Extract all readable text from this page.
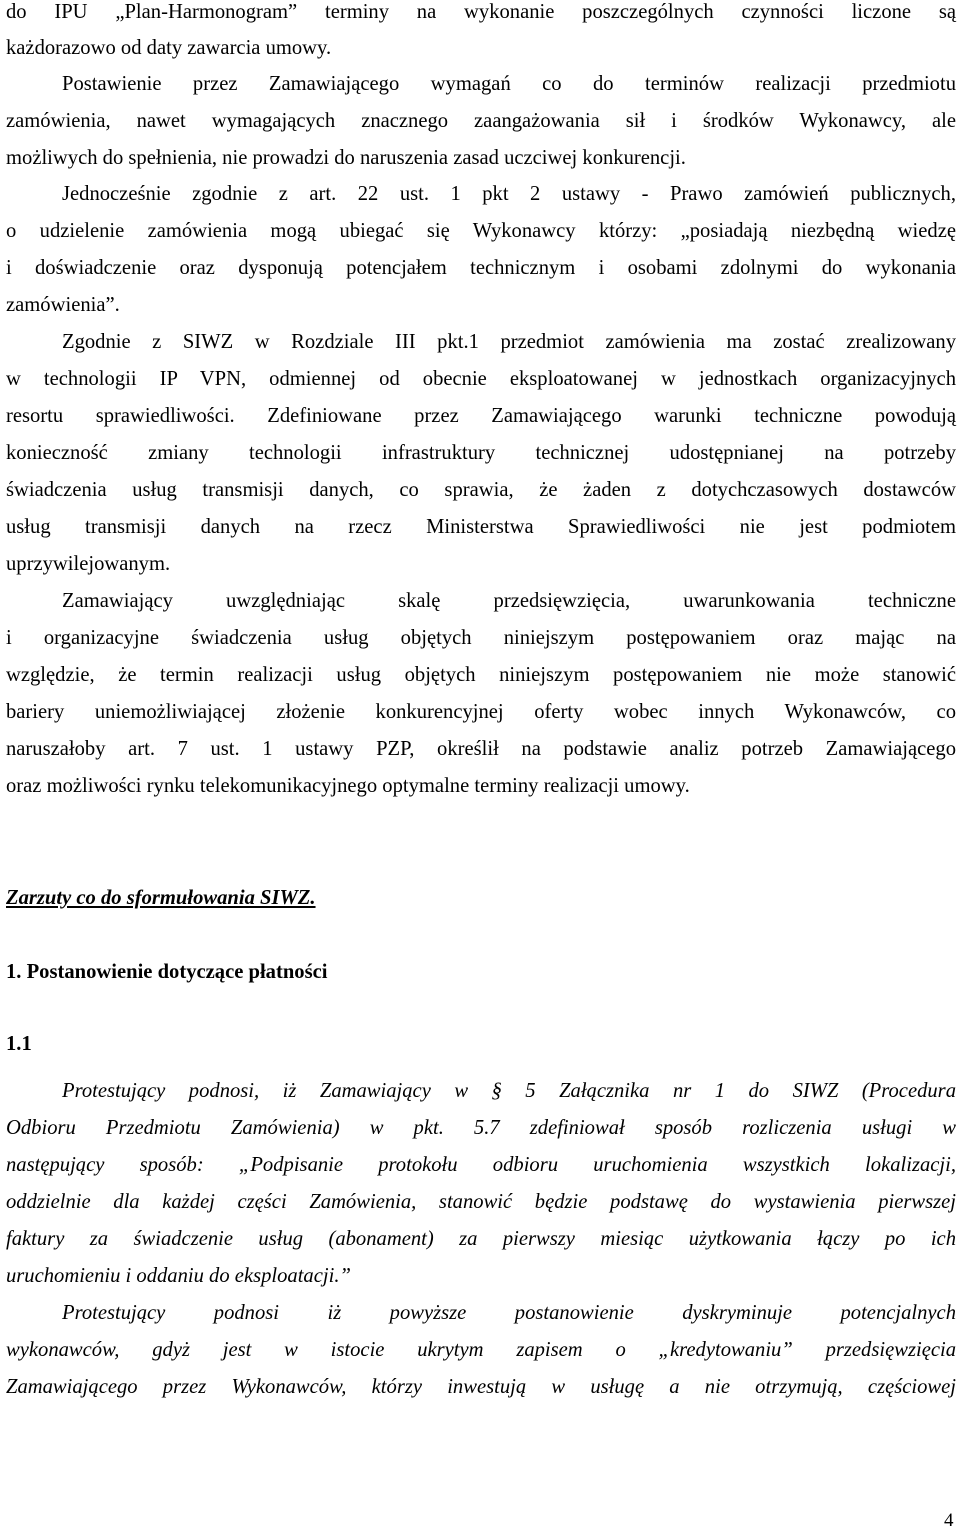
do IPU „Plan-Harmonogram” terminy na wykonanie poszczególnych czynności liczone są
każdorazowo od daty zawarcia umowy.
Postawienie przez Zamawiającego wymagań co do terminów realizacji przedmiotu
zamówienia, nawet wymagających znacznego zaangażowania sił i środków Wykonawcy, ale
możliwych do spełnienia, nie prowadzi do naruszenia zasad uczciwej konkurencji.
Jednocześnie zgodnie z art. 22 ust. 1 pkt 2 ustawy - Prawo zamówień publicznych,
o udzielenie zamówienia mogą ubiegać się Wykonawcy którzy: „posiadają niezbędną wiedzę
i doświadczenie oraz dysponują potencjałem technicznym i osobami zdolnymi do wykonania
zamówienia”.
Zgodnie z SIWZ w Rozdziale III pkt.1 przedmiot zamówienia ma zostać zrealizowany
w technologii IP VPN, odmiennej od obecnie eksploatowanej w jednostkach organizacyjnych
resortu sprawiedliwości. Zdefiniowane przez Zamawiającego warunki techniczne powodują
konieczność zmiany technologii infrastruktury technicznej udostępnianej na potrzeby
świadczenia usług transmisji danych, co sprawia, że żaden z dotychczasowych dostawców
usług transmisji danych na rzecz Ministerstwa Sprawiedliwości nie jest podmiotem
uprzywilejowanym.
Zamawiający uwzględniając skalę przedsięwzięcia, uwarunkowania techniczne
i organizacyjne świadczenia usług objętych niniejszym postępowaniem oraz mając na
względzie, że termin realizacji usług objętych niniejszym postępowaniem nie może stanowić
bariery uniemożliwiającej złożenie konkurencyjnej oferty wobec innych Wykonawców, co
naruszałoby art. 7 ust. 1 ustawy PZP, określił na podstawie analiz potrzeb Zamawiającego
oraz możliwości rynku telekomunikacyjnego optymalne terminy realizacji umowy.
Zarzuty co do sformułowania SIWZ.
1. Postanowienie dotyczące płatności
1.1
Protestujący podnosi, iż Zamawiający w § 5 Załącznika nr 1 do SIWZ (Procedura
Odbioru Przedmiotu Zamówienia) w pkt. 5.7 zdefiniował sposób rozliczenia usługi w
następujący sposób: „Podpisanie protokołu odbioru uruchomienia wszystkich lokalizacji,
oddzielnie dla każdej części Zamówienia, stanowić będzie podstawę do wystawienia pierwszej
faktury za świadczenie usług (abonament) za pierwszy miesiąc użytkowania łączy po ich
uruchomieniu i oddaniu do eksploatacji.”
Protestujący podnosi iż powyższe postanowienie dyskryminuje potencjalnych
wykonawców, gdyż jest w istocie ukrytym zapisem o „kredytowaniu” przedsięwzięcia
Zamawiającego przez Wykonawców, którzy inwestują w usługę a nie otrzymują, częściowej
4
